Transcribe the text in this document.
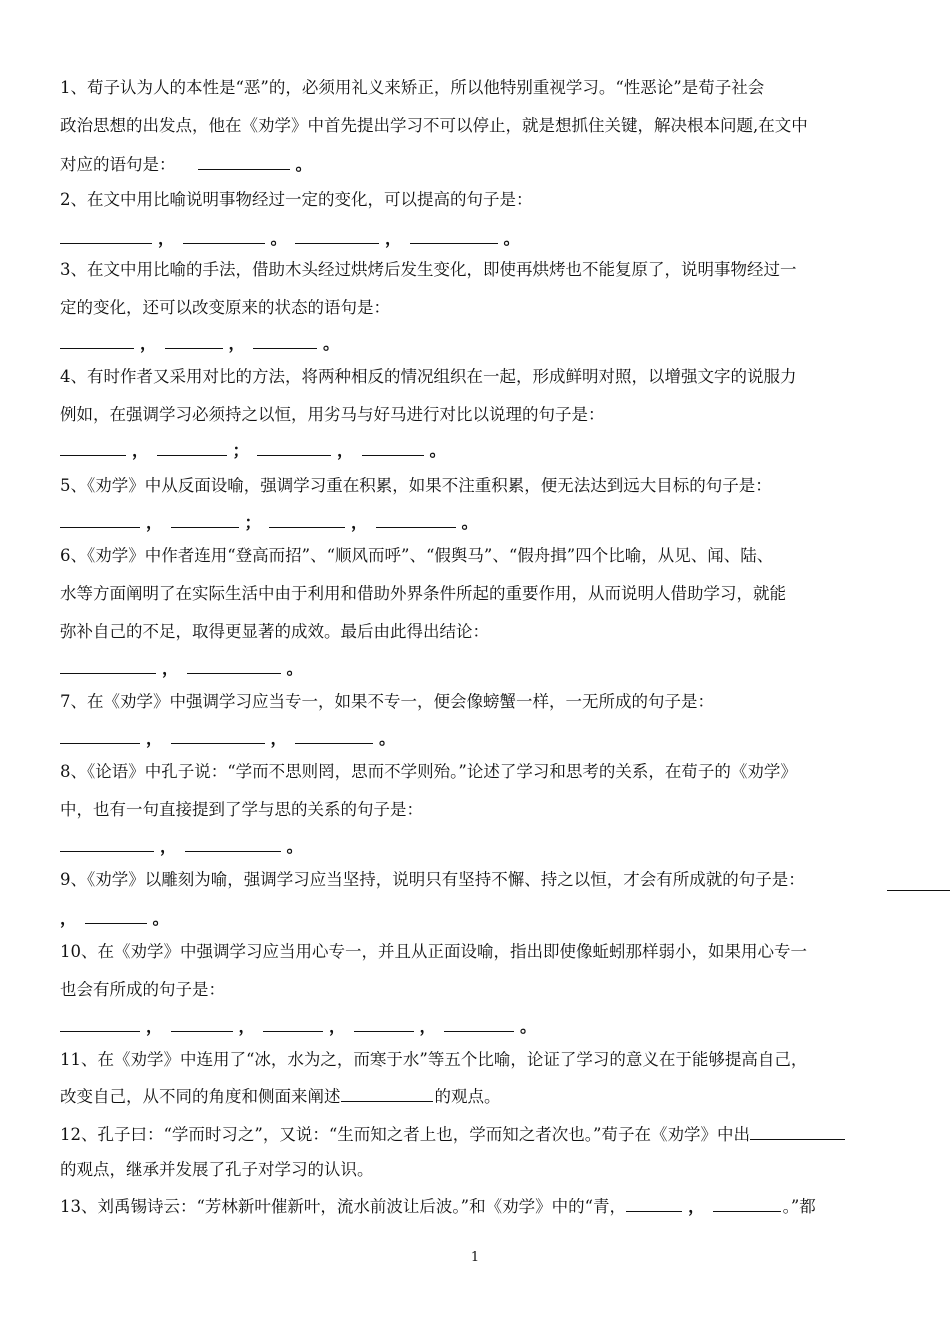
1、荀子认为人的本性是“恶”的，必须用礼义来矫正，所以他特别重视学习。“性恶论”是荀子社会
政治思想的出发点，他在《劝学》中首先提出学习不可以停止，就是想抓住关键，解决根本问题,在文中
对应的语句是：	。
2、在文中用比喻说明事物经过一定的变化，可以提高的句子是：
，	。	，	。
3、在文中用比喻的手法，借助木头经过烘烤后发生变化，即使再烘烤也不能复原了，说明事物经过一
定的变化，还可以改变原来的状态的语句是：
，	，	。
4、有时作者又采用对比的方法，将两种相反的情况组织在一起，形成鲜明对照，以增强文字的说服力
例如，在强调学习必须持之以恒，用劣马与好马进行对比以说理的句子是：
，	；	，	。
5、《劝学》中从反面设喻，强调学习重在积累，如果不注重积累，便无法达到远大目标的句子是：
，	；	，	。
6、《劝学》中作者连用“登高而招”、“顺风而呼”、“假舆马”、“假舟揖”四个比喻，从见、闻、陆、
水等方面阐明了在实际生活中由于利用和借助外界条件所起的重要作用，从而说明人借助学习，就能
弥补自己的不足，取得更显著的成效。最后由此得出结论：
，	。
7、在《劝学》中强调学习应当专一，如果不专一，便会像螃蟹一样，一无所成的句子是：
，	，	。
8、《论语》中孔子说：“学而不思则罔，思而不学则殆。”论述了学习和思考的关系，在荀子的《劝学》
中，也有一句直接提到了学与思的关系的句子是：
，	。
9、《劝学》以雕刻为喻，强调学习应当坚持，说明只有坚持不懈、持之以恒，才会有所成就的句子是：
，	。
10、在《劝学》中强调学习应当用心专一，并且从正面设喻，指出即使像蚯蚓那样弱小，如果用心专一
也会有所成的句子是：
，	，	，	，	。
11、在《劝学》中连用了“冰，水为之，而寒于水”等五个比喻，论证了学习的意义在于能够提高自己，
改变自己，从不同的角度和侧面来阐述	的观点。
12、孔子曰：“学而时习之”，又说：“生而知之者上也，学而知之者次也。”荀子在《劝学》中出
的观点，继承并发展了孔子对学习的认识。
13、刘禹锡诗云：“芳林新叶催新叶，流水前波让后波。”和《劝学》中的“青，	，	。”都
1
